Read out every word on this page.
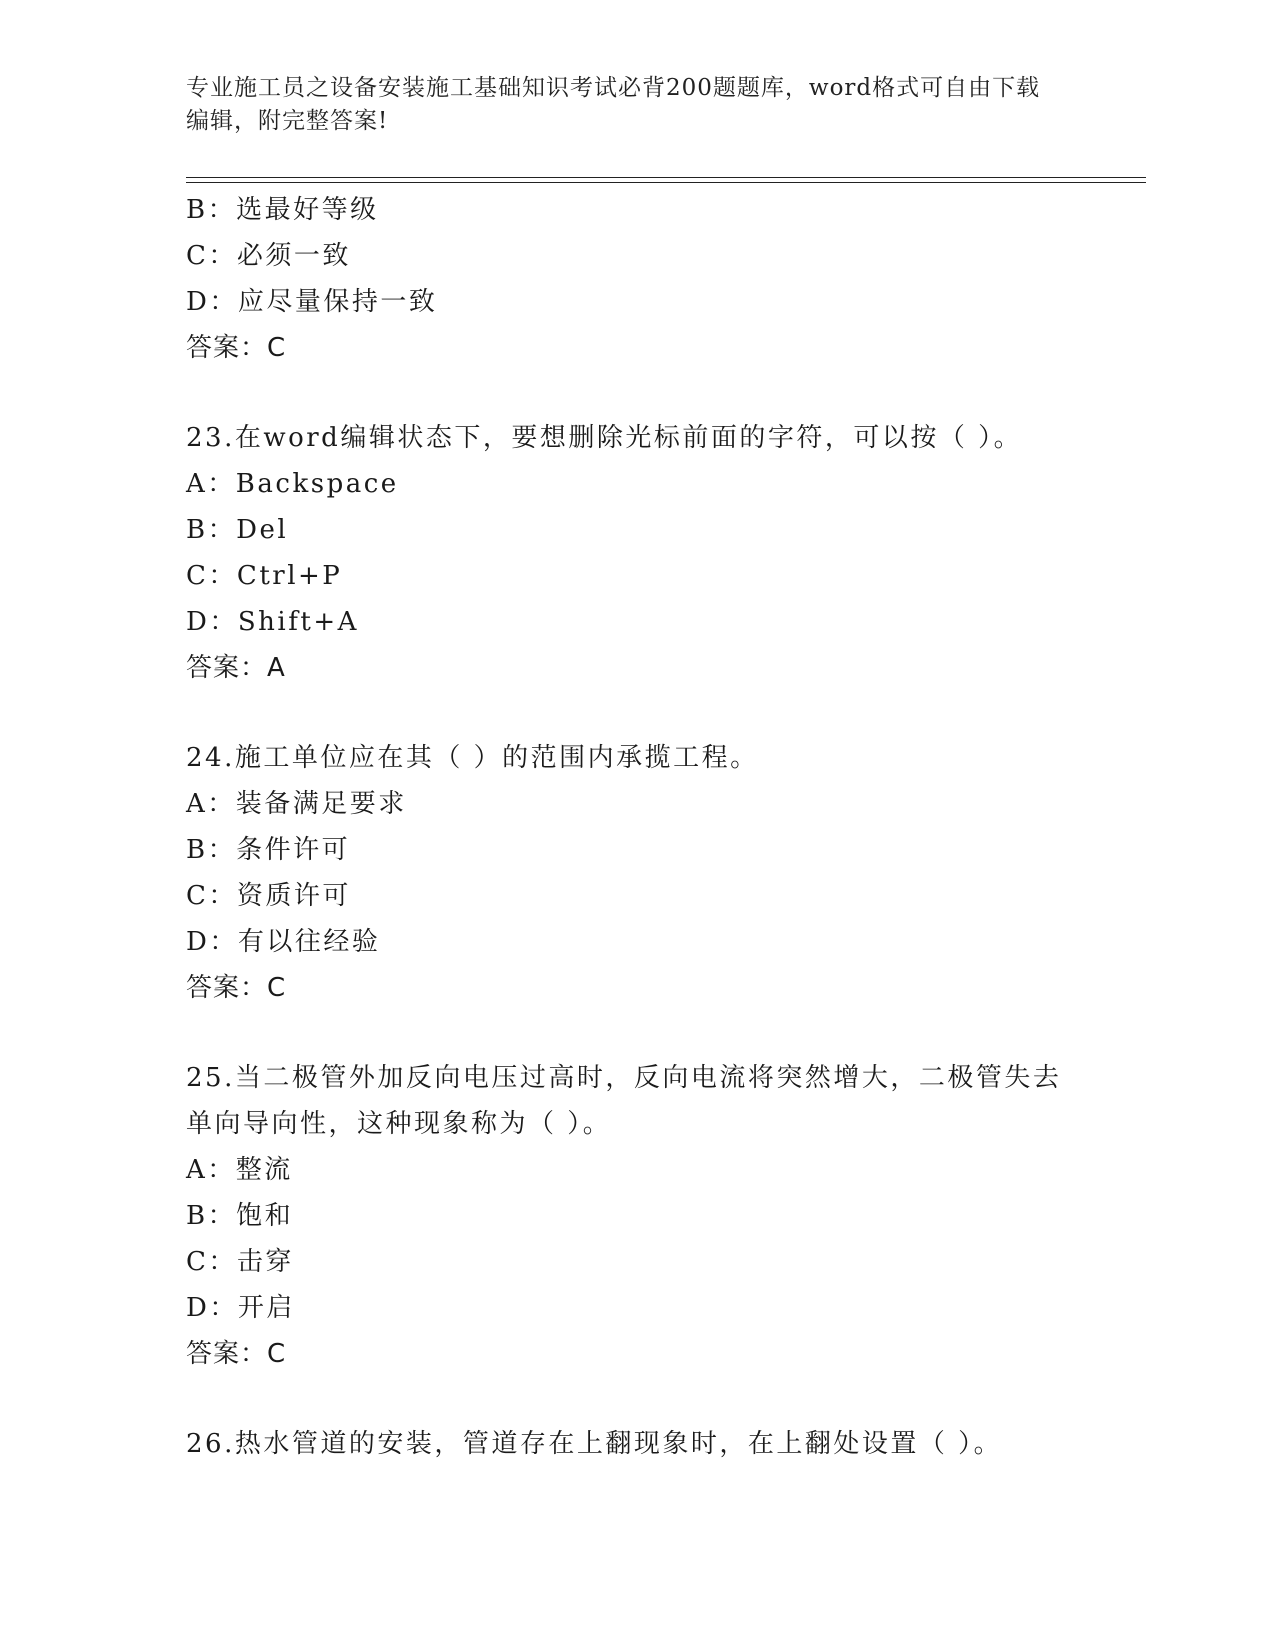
专业施工员之设备安装施工基础知识考试必背200题题库，word格式可自由下载
编辑，附完整答案!
B：选最好等级
C：必须一致
D：应尽量保持一致
答案：C
23.在word编辑状态下，要想删除光标前面的字符，可以按（ ）。
A：Backspace
B：Del
C：Ctrl+P
D：Shift+A
答案：A
24.施工单位应在其（ ）的范围内承揽工程。
A：装备满足要求
B：条件许可
C：资质许可
D：有以往经验
答案：C
25.当二极管外加反向电压过高时，反向电流将突然增大，二极管失去
单向导向性，这种现象称为（ ）。
A：整流
B：饱和
C：击穿
D：开启
答案：C
26.热水管道的安装，管道存在上翻现象时，在上翻处设置（ ）。
